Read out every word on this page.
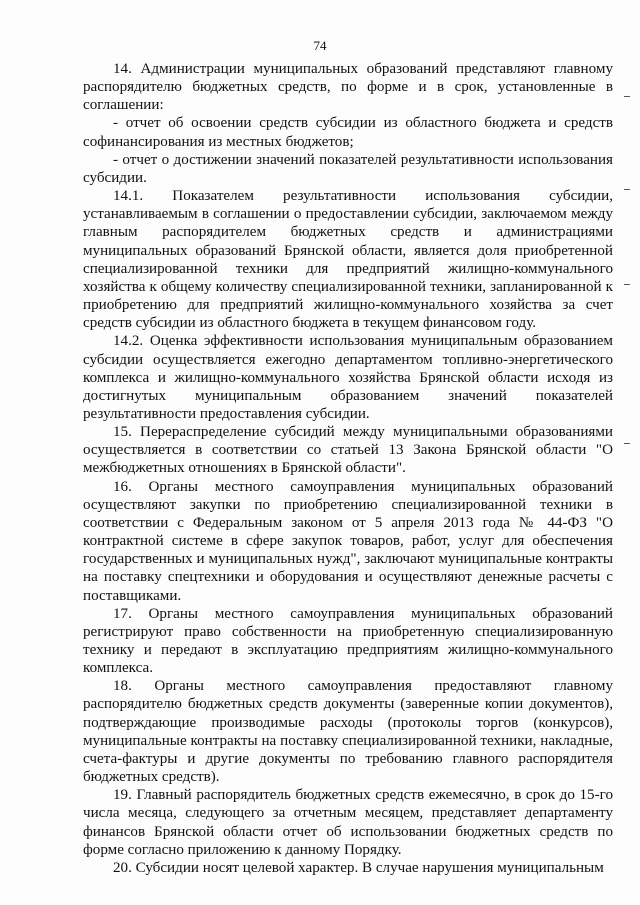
74

14. Администрации муниципальных образований представляют главному распорядителю бюджетных средств, по форме и в срок, установленные в соглашении:

- отчет об освоении средств субсидии из областного бюджета и средств софинансирования из местных бюджетов;

- отчет о достижении значений показателей результативности использования субсидии.

14.1. Показателем результативности использования субсидии, устанавливаемым в соглашении о предоставлении субсидии, заключаемом между главным распорядителем бюджетных средств и администрациями муниципальных образований Брянской области, является доля приобретенной специализированной техники для предприятий жилищно-коммунального хозяйства к общему количеству специализированной техники, запланированной к приобретению для предприятий жилищно-коммунального хозяйства за счет средств субсидии из областного бюджета в текущем финансовом году.

14.2. Оценка эффективности использования муниципальным образованием субсидии осуществляется ежегодно департаментом топливно-энергетического комплекса и жилищно-коммунального хозяйства Брянской области исходя из достигнутых муниципальным образованием значений показателей результативности предоставления субсидии.

15. Перераспределение субсидий между муниципальными образованиями осуществляется в соответствии со статьей 13 Закона Брянской области "О межбюджетных отношениях в Брянской области".

16. Органы местного самоуправления муниципальных образований осуществляют закупки по приобретению специализированной техники в соответствии с Федеральным законом от 5 апреля 2013 года № 44-ФЗ "О контрактной системе в сфере закупок товаров, работ, услуг для обеспечения государственных и муниципальных нужд", заключают муниципальные контракты на поставку спецтехники и оборудования и осуществляют денежные расчеты с поставщиками.

17. Органы местного самоуправления муниципальных образований регистрируют право собственности на приобретенную специализированную технику и передают в эксплуатацию предприятиям жилищно-коммунального комплекса.

18. Органы местного самоуправления предоставляют главному распорядителю бюджетных средств документы (заверенные копии документов), подтверждающие производимые расходы (протоколы торгов (конкурсов), муниципальные контракты на поставку специализированной техники, накладные, счета-фактуры и другие документы по требованию главного распорядителя бюджетных средств).

19. Главный распорядитель бюджетных средств ежемесячно, в срок до 15-го числа месяца, следующего за отчетным месяцем, представляет департаменту финансов Брянской области отчет об использовании бюджетных средств по форме согласно приложению к данному Порядку.

20. Субсидии носят целевой характер. В случае нарушения муниципальным
